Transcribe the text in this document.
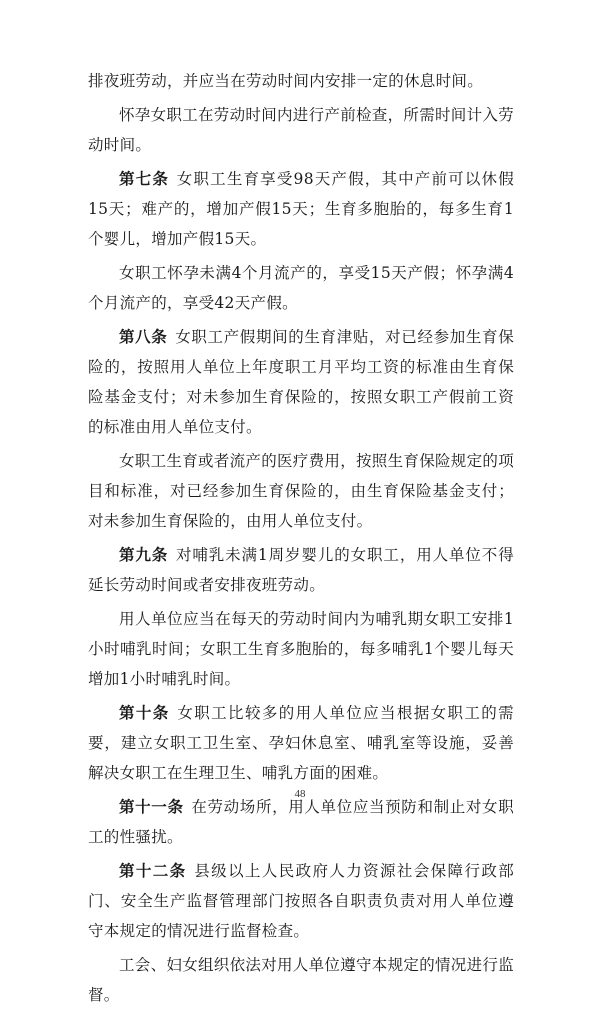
排夜班劳动，并应当在劳动时间内安排一定的休息时间。

怀孕女职工在劳动时间内进行产前检查，所需时间计入劳动时间。

第七条 女职工生育享受98天产假，其中产前可以休假15天；难产的，增加产假15天；生育多胞胎的，每多生育1个婴儿，增加产假15天。

女职工怀孕未满4个月流产的，享受15天产假；怀孕满4个月流产的，享受42天产假。

第八条 女职工产假期间的生育津贴，对已经参加生育保险的，按照用人单位上年度职工月平均工资的标准由生育保险基金支付；对未参加生育保险的，按照女职工产假前工资的标准由用人单位支付。

女职工生育或者流产的医疗费用，按照生育保险规定的项目和标准，对已经参加生育保险的，由生育保险基金支付；对未参加生育保险的，由用人单位支付。

第九条 对哺乳未满1周岁婴儿的女职工，用人单位不得延长劳动时间或者安排夜班劳动。

用人单位应当在每天的劳动时间内为哺乳期女职工安排1小时哺乳时间；女职工生育多胞胎的，每多哺乳1个婴儿每天增加1小时哺乳时间。

第十条 女职工比较多的用人单位应当根据女职工的需要，建立女职工卫生室、孕妇休息室、哺乳室等设施，妥善解决女职工在生理卫生、哺乳方面的困难。

第十一条 在劳动场所，用人单位应当预防和制止对女职工的性骚扰。

第十二条 县级以上人民政府人力资源社会保障行政部门、安全生产监督管理部门按照各自职责负责对用人单位遵守本规定的情况进行监督检查。

工会、妇女组织依法对用人单位遵守本规定的情况进行监督。

48
